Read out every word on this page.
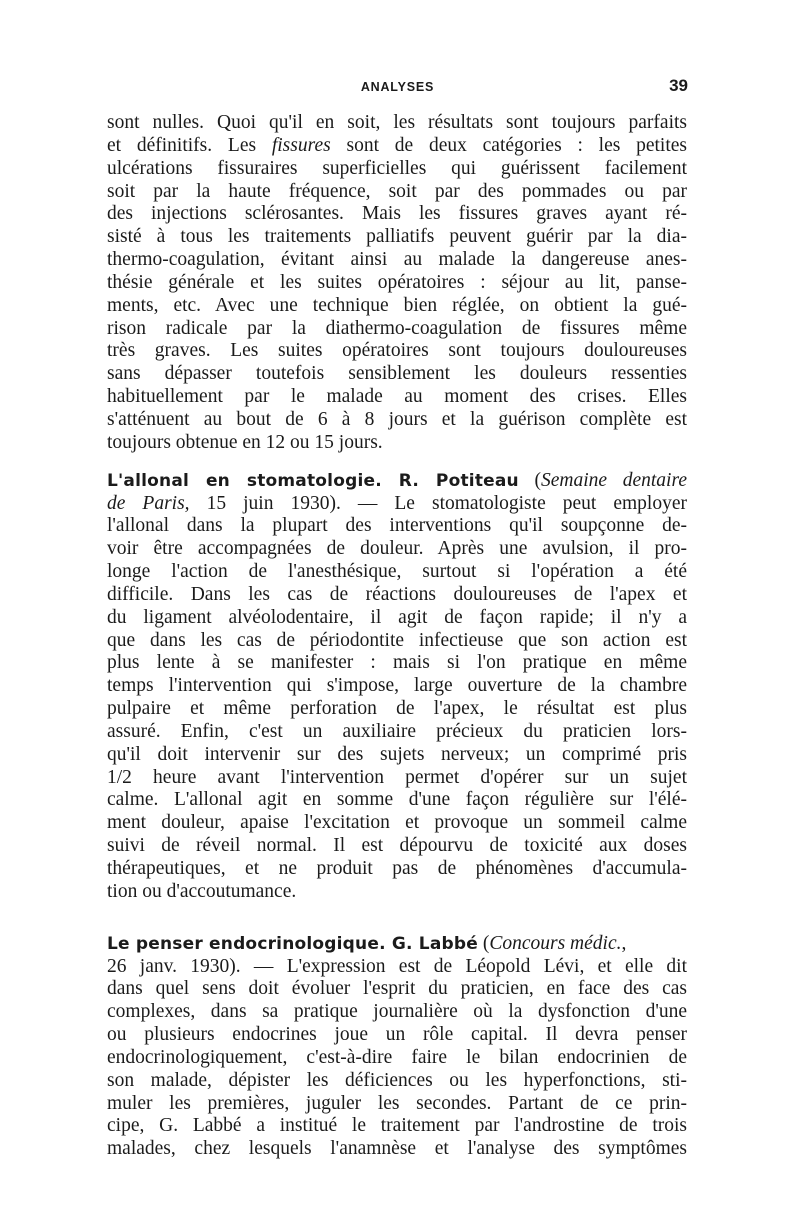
ANALYSES	39
sont nulles. Quoi qu'il en soit, les résultats sont toujours parfaits
et définitifs. Les fissures sont de deux catégories : les petites
ulcérations fissuraires superficielles qui guérissent facilement
soit par la haute fréquence, soit par des pommades ou par
des injections sclérosantes. Mais les fissures graves ayant ré-
sisté à tous les traitements palliatifs peuvent guérir par la dia-
thermo-coagulation, évitant ainsi au malade la dangereuse anes-
thésie générale et les suites opératoires : séjour au lit, panse-
ments, etc. Avec une technique bien réglée, on obtient la gué-
rison radicale par la diathermo-coagulation de fissures même
très graves. Les suites opératoires sont toujours douloureuses
sans dépasser toutefois sensiblement les douleurs ressenties
habituellement par le malade au moment des crises. Elles
s'atténuent au bout de 6 à 8 jours et la guérison complète est
toujours obtenue en 12 ou 15 jours.
L'allonal en stomatologie. R. Potiteau (Semaine dentaire
de Paris, 15 juin 1930). — Le stomatologiste peut employer
l'allonal dans la plupart des interventions qu'il soupçonne de-
voir être accompagnées de douleur. Après une avulsion, il pro-
longe l'action de l'anesthésique, surtout si l'opération a été
difficile. Dans les cas de réactions douloureuses de l'apex et
du ligament alvéolodentaire, il agit de façon rapide; il n'y a
que dans les cas de périodontite infectieuse que son action est
plus lente à se manifester : mais si l'on pratique en même
temps l'intervention qui s'impose, large ouverture de la chambre
pulpaire et même perforation de l'apex, le résultat est plus
assuré. Enfin, c'est un auxiliaire précieux du praticien lors-
qu'il doit intervenir sur des sujets nerveux; un comprimé pris
1/2 heure avant l'intervention permet d'opérer sur un sujet
calme. L'allonal agit en somme d'une façon régulière sur l'élé-
ment douleur, apaise l'excitation et provoque un sommeil calme
suivi de réveil normal. Il est dépourvu de toxicité aux doses
thérapeutiques, et ne produit pas de phénomènes d'accumula-
tion ou d'accoutumance.
Le penser endocrinologique. G. Labbé (Concours médic.,
26 janv. 1930). — L'expression est de Léopold Lévi, et elle dit
dans quel sens doit évoluer l'esprit du praticien, en face des cas
complexes, dans sa pratique journalière où la dysfonction d'une
ou plusieurs endocrines joue un rôle capital. Il devra penser
endocrinologiquement, c'est-à-dire faire le bilan endocrinien de
son malade, dépister les déficiences ou les hyperfonctions, sti-
muler les premières, juguler les secondes. Partant de ce prin-
cipe, G. Labbé a institué le traitement par l'androstine de trois
malades, chez lesquels l'anamnèse et l'analyse des symptômes
